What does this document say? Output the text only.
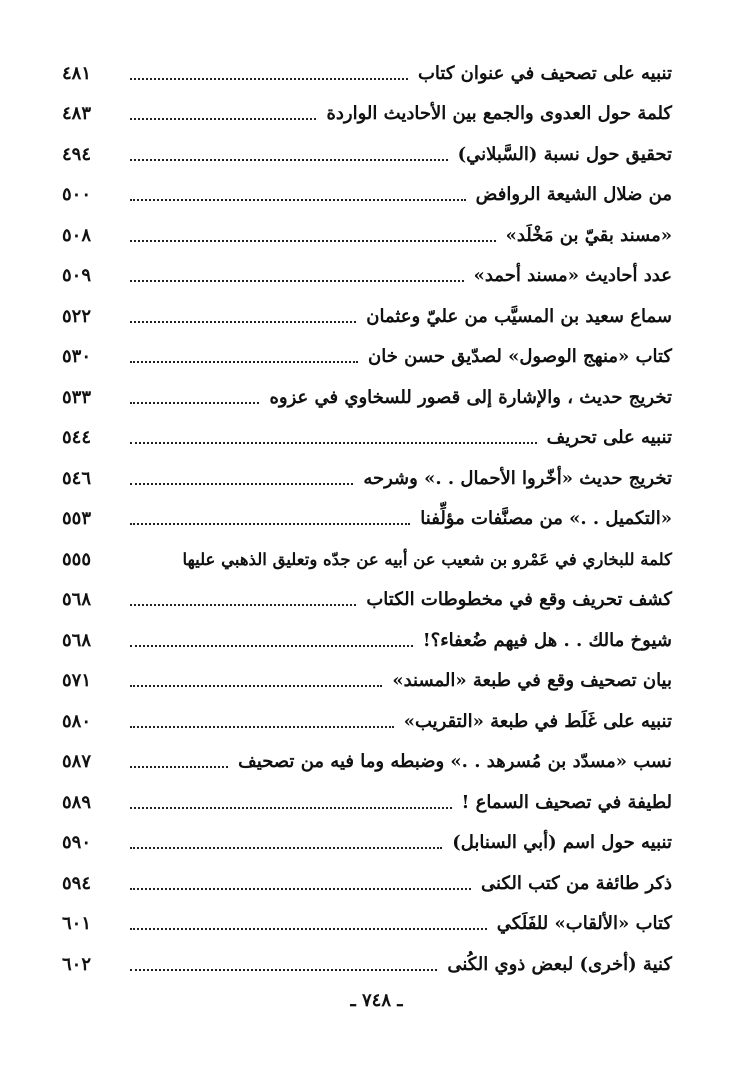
تنبيه على تصحيف في عنوان كتاب
٤٨١
كلمة حول العدوى والجمع بين الأحاديث الواردة
٤٨٣
تحقيق حول نسبة (السَّبلاني)
٤٩٤
من ضلال الشيعة الروافض
٥٠٠
«مسند بقيّ بن مَخْلَد»
٥٠٨
عدد أحاديث «مسند أحمد»
٥٠٩
سماع سعيد بن المسيَّب من عليّ وعثمان
٥٢٢
كتاب «منهج الوصول» لصدّيق حسن خان
٥٣٠
تخريج حديث ، والإشارة إلى قصور للسخاوي في عزوه
٥٣٣
تنبيه على تحريف
٥٤٤
تخريج حديث «أخّروا الأحمال . .» وشرحه
٥٤٦
«التكميل . .» من مصنَّفات مؤلِّفنا
٥٥٣
كلمة للبخاري في عَمْرو بن شعيب عن أبيه عن جدّه وتعليق الذهبي عليها
٥٥٥
كشف تحريف وقع في مخطوطات الكتاب
٥٦٨
شيوخ مالك . . هل فيهم ضُعفاء؟!
٥٦٨
بيان تصحيف وقع في طبعة «المسند»
٥٧١
تنبيه على غَلَط في طبعة «التقريب»
٥٨٠
نسب «مسدّد بن مُسرهد . .» وضبطه وما فيه من تصحيف
٥٨٧
لطيفة في تصحيف السماع !
٥٨٩
تنبيه حول اسم (أبي السنابل)
٥٩٠
ذكر طائفة من كتب الكنى
٥٩٤
كتاب «الألقاب» للفَلَكي
٦٠١
كنية (أخرى) لبعض ذوي الكُنى
٦٠٢
ـ ٧٤٨ ـ
